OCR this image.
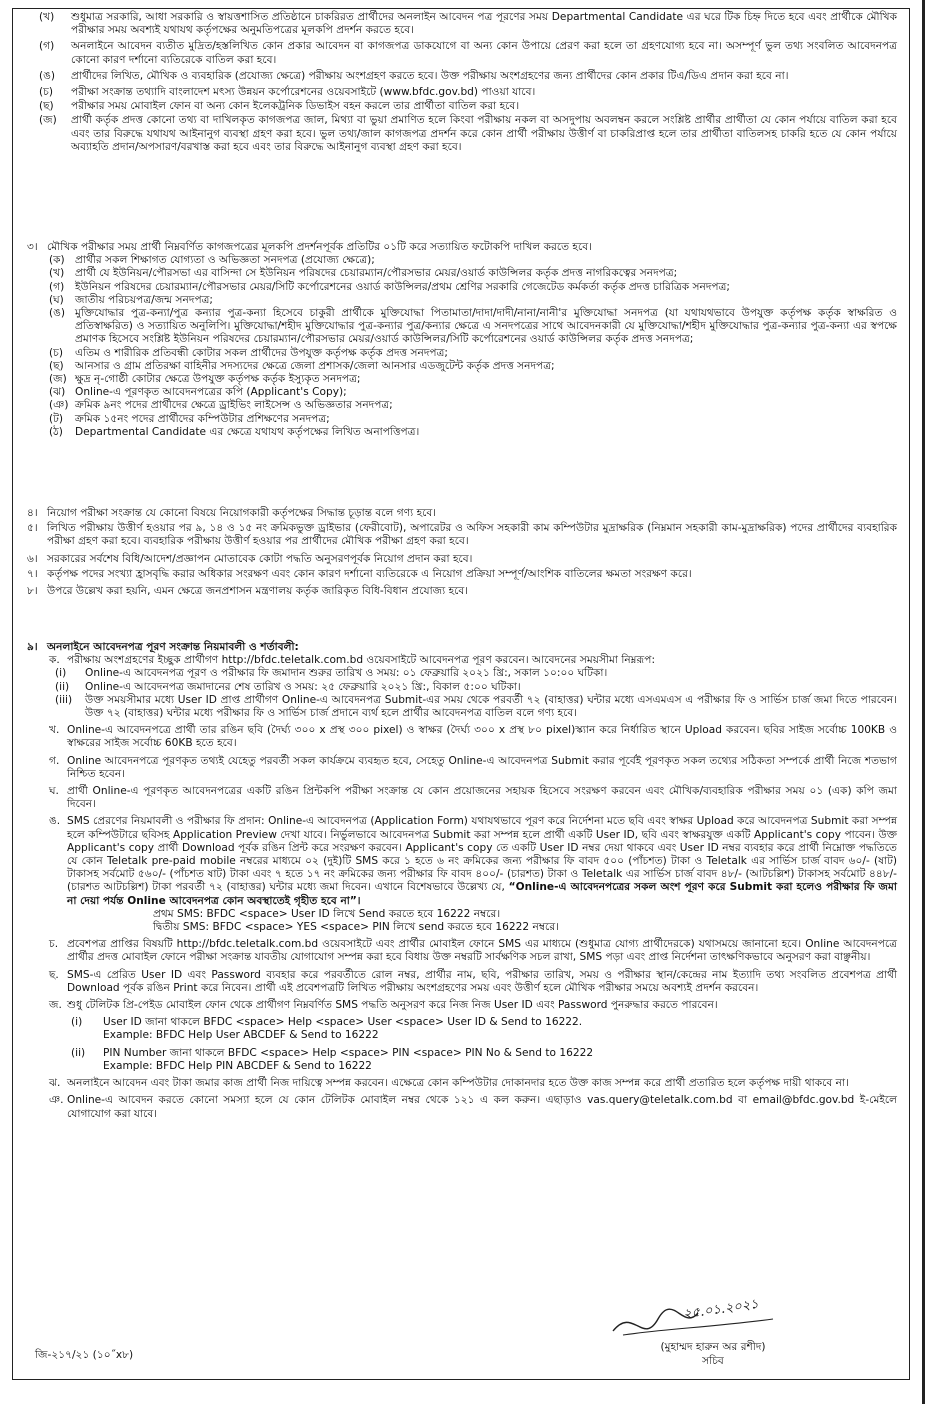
(খ) শুধুমাত্র সরকারি, আধা সরকারি ও স্বায়ত্তশাসিত প্রতিষ্ঠানে চাকরিরত প্রার্থীদের অনলাইন আবেদন পত্র পূরণের সময় Departmental Candidate এর ঘরে টিক চিহ্ন দিতে হবে এবং প্রার্থীকে মৌখিক পরীক্ষার সময় অবশ্যই যথাযথ কর্তৃপক্ষের অনুমতিপত্রের মূলকপি প্রদর্শন করতে হবে।
(গ) অনলাইনে আবেদন ব্যতীত মুদ্রিত/হস্তলিখিত কোন প্রকার আবেদন বা কাগজপত্র ডাকযোগে বা অন্য কোন উপায়ে প্রেরণ করা হলে তা গ্রহণযোগ্য হবে না। অসম্পূর্ণ ভুল তথ্য সংবলিত আবেদনপত্র কোনো কারণ দর্শানো ব্যতিরেকে বাতিল করা হবে।
(ঙ) প্রার্থীদের লিখিত, মৌখিক ও ব্যবহারিক (প্রযোজ্য ক্ষেত্রে) পরীক্ষায় অংশগ্রহণ করতে হবে। উক্ত পরীক্ষায় অংশগ্রহণের জন্য প্রার্থীদের কোন প্রকার টিএ/ডিএ প্রদান করা হবে না।
(চ) পরীক্ষা সংক্রান্ত তথ্যাদি বাংলাদেশ মৎস্য উন্নয়ন কর্পোরেশনের ওয়েবসাইটে (www.bfdc.gov.bd) পাওয়া যাবে।
(ছ) পরীক্ষার সময় মোবাইল ফোন বা অন্য কোন ইলেকট্রনিক ডিভাইস বহন করলে তার প্রার্থীতা বাতিল করা হবে।
(জ) প্রার্থী কর্তৃক প্রদত্ত কোনো তথ্য বা দাখিলকৃত কাগজপত্র জাল, মিথ্যা বা ভুয়া প্রমাণিত হলে কিংবা পরীক্ষায় নকল বা অসদুপায় অবলম্বন করলে সংশ্লিষ্ট প্রার্থীর প্রার্থীতা যে কোন পর্যায়ে বাতিল করা হবে এবং তার বিরুদ্ধে যথাযথ আইনানুগ ব্যবস্থা গ্রহণ করা হবে। ভুল তথ্য/জাল কাগজপত্র প্রদর্শন করে কোন প্রার্থী পরীক্ষায় উত্তীর্ণ বা চাকরিপ্রাপ্ত হলে তার প্রার্থীতা বাতিলসহ চাকরি হতে যে কোন পর্যায়ে অব্যাহতি প্রদান/অপসারণ/বরখাস্ত করা হবে এবং তার বিরুদ্ধে আইনানুগ ব্যবস্থা গ্রহণ করা হবে।
৩। মৌখিক পরীক্ষার সময় প্রার্থী নিম্নবর্ণিত কাগজপত্রের মূলকপি প্রদর্শনপূর্বক প্রতিটির ০১টি করে সত্যায়িত ফটোকপি দাখিল করতে হবে।
(ক) প্রার্থীর সকল শিক্ষাগত যোগ্যতা ও অভিজ্ঞতা সনদপত্র (প্রযোজ্য ক্ষেত্রে);
(খ) প্রার্থী যে ইউনিয়ন/পৌরসভা এর বাসিন্দা সে ইউনিয়ন পরিষদের চেয়ারম্যান/পৌরসভার মেয়র/ওয়ার্ড কাউন্সিলর কর্তৃক প্রদত্ত নাগরিকত্বের সনদপত্র;
(গ) ইউনিয়ন পরিষদের চেয়ারম্যান/পৌরসভার মেয়র/সিটি কর্পোরেশনের ওয়ার্ড কাউন্সিলর/প্রথম শ্রেণির সরকারি গেজেটেড কর্মকর্তা কর্তৃক প্রদত্ত চারিত্রিক সনদপত্র;
(ঘ) জাতীয় পরিচয়পত্র/জন্ম সনদপত্র;
(ঙ) মুক্তিযোদ্ধার পুত্র-কন্যা/পুত্র কন্যার পুত্র-কন্যা হিসেবে চাকুরী প্রার্থীকে মুক্তিযোদ্ধা পিতামাতা/দাদা/দাদী/নানা/নানী'র মুক্তিযোদ্ধা সনদপত্র (যা যথাযথভাবে উপযুক্ত কর্তৃপক্ষ কর্তৃক স্বাক্ষরিত ও প্রতিস্বাক্ষরিত) ও সত্যায়িত অনুলিপি। মুক্তিযোদ্ধা/শহীদ মুক্তিযোদ্ধার পুত্র-কন্যার পুত্র/কন্যার ক্ষেত্রে এ সনদপত্রের সাথে আবেদনকারী যে মুক্তিযোদ্ধা/শহীদ মুক্তিযোদ্ধার পুত্র-কন্যার পুত্র-কন্যা এর স্বপক্ষে প্রমাণক হিসেবে সংশ্লিষ্ট ইউনিয়ন পরিষদের চেয়ারম্যান/পৌরসভার মেয়র/ওয়ার্ড কাউন্সিলর/সিটি কর্পোরেশনের ওয়ার্ড কাউন্সিলর কর্তৃক প্রদত্ত সনদপত্র;
(চ) এতিম ও শারীরিক প্রতিবন্ধী কোটার সকল প্রার্থীদের উপযুক্ত কর্তৃপক্ষ কর্তৃক প্রদত্ত সনদপত্র;
(ছ) আনসার ও গ্রাম প্রতিরক্ষা বাহিনীর সদস্যদের ক্ষেত্রে জেলা প্রশাসক/জেলা আনসার এডজুটেন্ট কর্তৃক প্রদত্ত সনদপত্র;
(জ) ক্ষুদ্র নৃ-গোষ্ঠী কোটার ক্ষেত্রে উপযুক্ত কর্তৃপক্ষ কর্তৃক ইস্যুকৃত সনদপত্র;
(ঝ) Online-এ পূরণকৃত আবেদনপত্রের কপি (Applicant's Copy);
(ঞ) ক্রমিক ৯নং পদের প্রার্থীদের ক্ষেত্রে ড্রাইভিং লাইসেন্স ও অভিজ্ঞতার সনদপত্র;
(ট) ক্রমিক ১৫নং পদের প্রার্থীদের কম্পিউটার প্রশিক্ষণের সনদপত্র;
(ঠ) Departmental Candidate এর ক্ষেত্রে যথাযথ কর্তৃপক্ষের লিখিত অনাপত্তিপত্র।
৪। নিয়োগ পরীক্ষা সংক্রান্ত যে কোনো বিষয়ে নিয়োগকারী কর্তৃপক্ষের সিদ্ধান্ত চূড়ান্ত বলে গণ্য হবে।
৫। লিখিত পরীক্ষায় উত্তীর্ণ হওয়ার পর ৯, ১৪ ও ১৫ নং ক্রমিকভুক্ত ড্রাইভার (ফেরীবোট), অপারেটর ও অফিস সহকারী কাম কম্পিউটার মুদ্রাক্ষরিক (নিম্নমান সহকারী কাম-মুদ্রাক্ষরিক) পদের প্রার্থীদের ব্যবহারিক পরীক্ষা গ্রহণ করা হবে। ব্যবহারিক পরীক্ষায় উত্তীর্ণ হওয়ার পর প্রার্থীদের মৌখিক পরীক্ষা গ্রহণ করা হবে।
৬। সরকারের সর্বশেষ বিধি/আদেশ/প্রজ্ঞাপন মোতাবেক কোটা পদ্ধতি অনুসরণপূর্বক নিয়োগ প্রদান করা হবে।
৭। কর্তৃপক্ষ পদের সংখ্যা হ্রাসবৃদ্ধি করার অধিকার সংরক্ষণ এবং কোন কারণ দর্শানো ব্যতিরেকে এ নিয়োগ প্রক্রিয়া সম্পূর্ণ/আংশিক বাতিলের ক্ষমতা সংরক্ষণ করে।
৮। উপরে উল্লেখ করা হয়নি, এমন ক্ষেত্রে জনপ্রশাসন মন্ত্রণালয় কর্তৃক জারিকৃত বিধি-বিধান প্রযোজ্য হবে।
৯। অনলাইনে আবেদনপত্র পূরণ সংক্রান্ত নিয়মাবলী ও শর্তাবলী:
ক. পরীক্ষায় অংশগ্রহণের ইচ্ছুক প্রার্থীগণ http://bfdc.teletalk.com.bd ওয়েবসাইটে আবেদনপত্র পূরণ করবেন। আবেদনের সময়সীমা নিম্নরূপ:
(i) Online-এ আবেদনপত্র পূরণ ও পরীক্ষার ফি জমাদান শুরুর তারিখ ও সময়: ০১ ফেব্রুয়ারি ২০২১ খ্রি:, সকাল ১০:০০ ঘটিকা।
(ii) Online-এ আবেদনপত্র জমাদানের শেষ তারিখ ও সময়: ২৫ ফেব্রুয়ারি ২০২১ খ্রি:, বিকাল ৫:০০ ঘটিকা।
(iii) উক্ত সময়সীমার মধ্যে User ID প্রাপ্ত প্রার্থীগণ Online-এ আবেদনপত্র Submit-এর সময় থেকে পরবর্তী ৭২ (বাহাত্তর) ঘন্টার মধ্যে এসএমএস এ পরীক্ষার ফি ও সার্ভিস চার্জ জমা দিতে পারবেন। উক্ত ৭২ (বাহাত্তর) ঘন্টার মধ্যে পরীক্ষার ফি ও সার্ভিস চার্জ প্রদানে ব্যর্থ হলে প্রার্থীর আবেদনপত্র বাতিল বলে গণ্য হবে।
খ. Online-এ আবেদনপত্রে প্রার্থী তার রঙিন ছবি (দৈর্ঘ্য ৩০০ x প্রস্থ ৩০০ pixel) ও স্বাক্ষর (দৈর্ঘ্য ৩০০ x প্রস্থ ৮০ pixel)স্ক্যান করে নির্ধারিত স্থানে Upload করবেন। ছবির সাইজ সর্বোচ্চ 100KB ও স্বাক্ষরের সাইজ সর্বোচ্চ 60KB হতে হবে।
গ. Online আবেদনপত্রে পূরণকৃত তথ্যই যেহেতু পরবর্তী সকল কার্যক্রমে ব্যবহৃত হবে, সেহেতু Online-এ আবেদনপত্র Submit করার পূর্বেই পূরণকৃত সকল তথ্যের সঠিকতা সম্পর্কে প্রার্থী নিজে শতভাগ নিশ্চিত হবেন।
ঘ. প্রার্থী Online-এ পূরণকৃত আবেদনপত্রের একটি রঙিন প্রিন্টকপি পরীক্ষা সংক্রান্ত যে কোন প্রয়োজনের সহায়ক হিসেবে সংরক্ষণ করবেন এবং মৌখিক/ব্যবহারিক পরীক্ষার সময় ০১ (এক) কপি জমা দিবেন।
ঙ. SMS প্রেরণের নিয়মাবলী ও পরীক্ষার ফি প্রদান: Online-এ আবেদনপত্র (Application Form) যথাযথভাবে পূরণ করে নির্দেশনা মতে ছবি এবং স্বাক্ষর Upload করে আবেদনপত্র Submit করা সম্পন্ন হলে কম্পিউটারে ছবিসহ Application Preview দেখা যাবে। নির্ভুলভাবে আবেদনপত্র Submit করা সম্পন্ন হলে প্রার্থী একটি User ID, ছবি এবং স্বাক্ষরযুক্ত একটি Applicant's copy পাবেন। উক্ত Applicant's copy প্রার্থী Download পূর্বক রঙিন প্রিন্ট করে সংরক্ষণ করবেন। Applicant's copy তে একটি User ID নম্বর দেয়া থাকবে এবং User ID নম্বর ব্যবহার করে প্রার্থী নিম্নোক্ত পদ্ধতিতে যে কোন Teletalk pre-paid mobile নম্বরের মাধ্যমে ০২ (দুই)টি SMS করে ১ হতে ৬ নং ক্রমিকের জন্য পরীক্ষার ফি বাবদ ৫০০ (পাঁচশত) টাকা ও Teletalk এর সার্ভিস চার্জ বাবদ ৬০/- (ষাট) টাকাসহ সর্বমোট ৫৬০/- (পাঁচশত ষাট) টাকা এবং ৭ হতে ১৭ নং ক্রমিকের জন্য পরীক্ষার ফি বাবদ ৪০০/- (চারশত) টাকা ও Teletalk এর সার্ভিস চার্জ বাবদ ৪৮/- (আটচল্লিশ) টাকাসহ সর্বমোট ৪৪৮/- (চারশত আটচল্লিশ) টাকা পরবর্তী ৭২ (বাহাত্তর) ঘন্টার মধ্যে জমা দিবেন। এখানে বিশেষভাবে উল্লেখ্য যে, “Online-এ আবেদনপত্রের সকল অংশ পূরণ করে Submit করা হলেও পরীক্ষার ফি জমা না দেয়া পর্যন্ত Online আবেদনপত্র কোন অবস্থাতেই গৃহীত হবে না”।
প্রথম SMS: BFDC <space> User ID লিখে Send করতে হবে 16222 নম্বরে।
দ্বিতীয় SMS: BFDC <space> YES <space> PIN লিখে send করতে হবে 16222 নম্বরে।
চ. প্রবেশপত্র প্রাপ্তির বিষয়টি http://bfdc.teletalk.com.bd ওয়েবসাইটে এবং প্রার্থীর মোবাইল ফোনে SMS এর মাধ্যমে (শুধুমাত্র যোগ্য প্রার্থীদেরকে) যথাসময়ে জানানো হবে। Online আবেদনপত্রে প্রার্থীর প্রদত্ত মোবাইল ফোনে পরীক্ষা সংক্রান্ত যাবতীয় যোগাযোগ সম্পন্ন করা হবে বিধায় উক্ত নম্বরটি সার্বক্ষণিক সচল রাখা, SMS পড়া এবং প্রাপ্ত নির্দেশনা তাৎক্ষণিকভাবে অনুসরণ করা বাঞ্ছনীয়।
ছ. SMS-এ প্রেরিত User ID এবং Password ব্যবহার করে পরবর্তীতে রোল নম্বর, প্রার্থীর নাম, ছবি, পরীক্ষার তারিখ, সময় ও পরীক্ষার স্থান/কেন্দ্রের নাম ইত্যাদি তথ্য সংবলিত প্রবেশপত্র প্রার্থী Download পূর্বক রঙিন Print করে নিবেন। প্রার্থী এই প্রবেশপত্রটি লিখিত পরীক্ষায় অংশগ্রহণের সময় এবং উত্তীর্ণ হলে মৌখিক পরীক্ষার সময়ে অবশ্যই প্রদর্শন করবেন।
জ. শুধু টেলিটক প্রি-পেইড মোবাইল ফোন থেকে প্রার্থীগণ নিম্নবর্ণিত SMS পদ্ধতি অনুসরণ করে নিজ নিজ User ID এবং Password পুনরুদ্ধার করতে পারবেন।
(i) User ID জানা থাকলে BFDC <space> Help <space> User <space> User ID & Send to 16222.
Example: BFDC Help User ABCDEF & Send to 16222
(ii) PIN Number জানা থাকলে BFDC <space> Help <space> PIN <space> PIN No & Send to 16222
Example: BFDC Help PIN ABCDEF & Send to 16222
ঝ. অনলাইনে আবেদন এবং টাকা জমার কাজ প্রার্থী নিজ দায়িত্বে সম্পন্ন করবেন। এক্ষেত্রে কোন কম্পিউটার দোকানদার হতে উক্ত কাজ সম্পন্ন করে প্রার্থী প্রতারিত হলে কর্তৃপক্ষ দায়ী থাকবে না।
ঞ. Online-এ আবেদন করতে কোনো সমস্যা হলে যে কোন টেলিটক মোবাইল নম্বর থেকে ১২১ এ কল করুন। এছাড়াও vas.query@teletalk.com.bd বা email@bfdc.gov.bd ই-মেইলে যোগাযোগ করা যাবে।
২৫.০১.২০২১
(মুহাম্মদ হারুন অর রশীদ)
সচিব
জি-২১৭/২১ (১০˝x৮)
